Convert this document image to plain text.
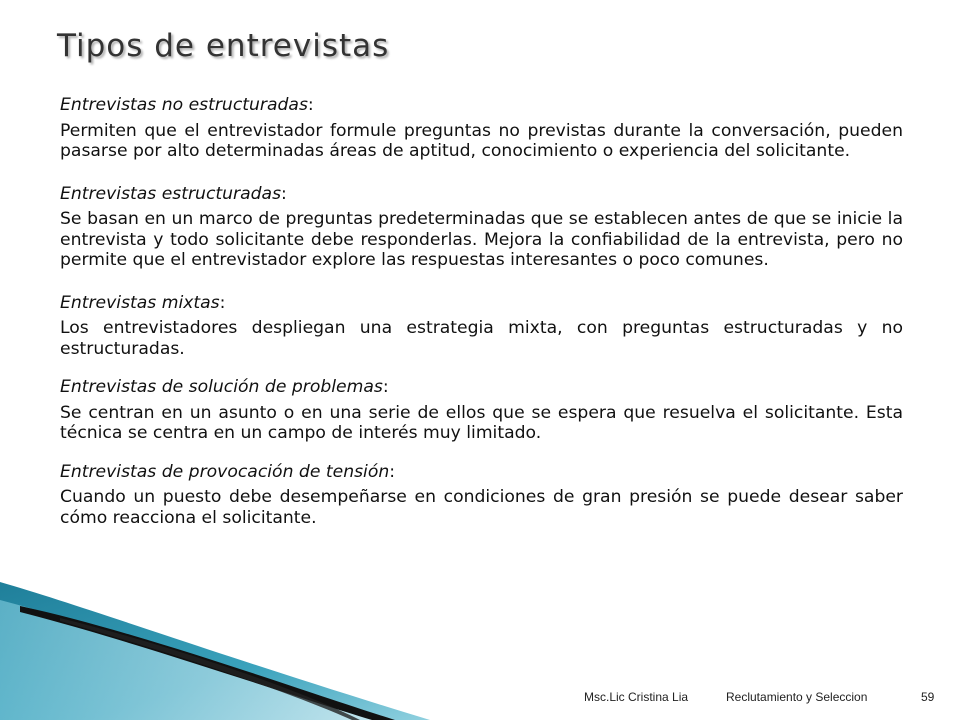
Tipos de entrevistas

Entrevistas no estructuradas :

Permiten que el entrevistador formule preguntas no previstas durante la conversación, pueden pasarse por alto determinadas áreas de aptitud, conocimiento o experiencia del solicitante.

Entrevistas estructuradas :

Se basan en un marco de preguntas predeterminadas que se establecen antes de que se inicie la entrevista y todo solicitante debe responderlas. Mejora la confiabilidad de la entrevista, pero no permite que el entrevistador explore las respuestas interesantes o poco comunes.

Entrevistas mixtas :

Los entrevistadores despliegan una estrategia mixta, con preguntas estructuradas y no estructuradas.

Entrevistas de solución de problemas :

Se centran en un asunto o en una serie de ellos que se espera que resuelva el solicitante. Esta técnica se centra en un campo de interés muy limitado.

Entrevistas de provocación de tensión :

Cuando un puesto debe desempeñarse en condiciones de gran presión se puede desear saber cómo reacciona el solicitante.

Msc.Lic Cristina Lia	Reclutamiento y Seleccion	59
